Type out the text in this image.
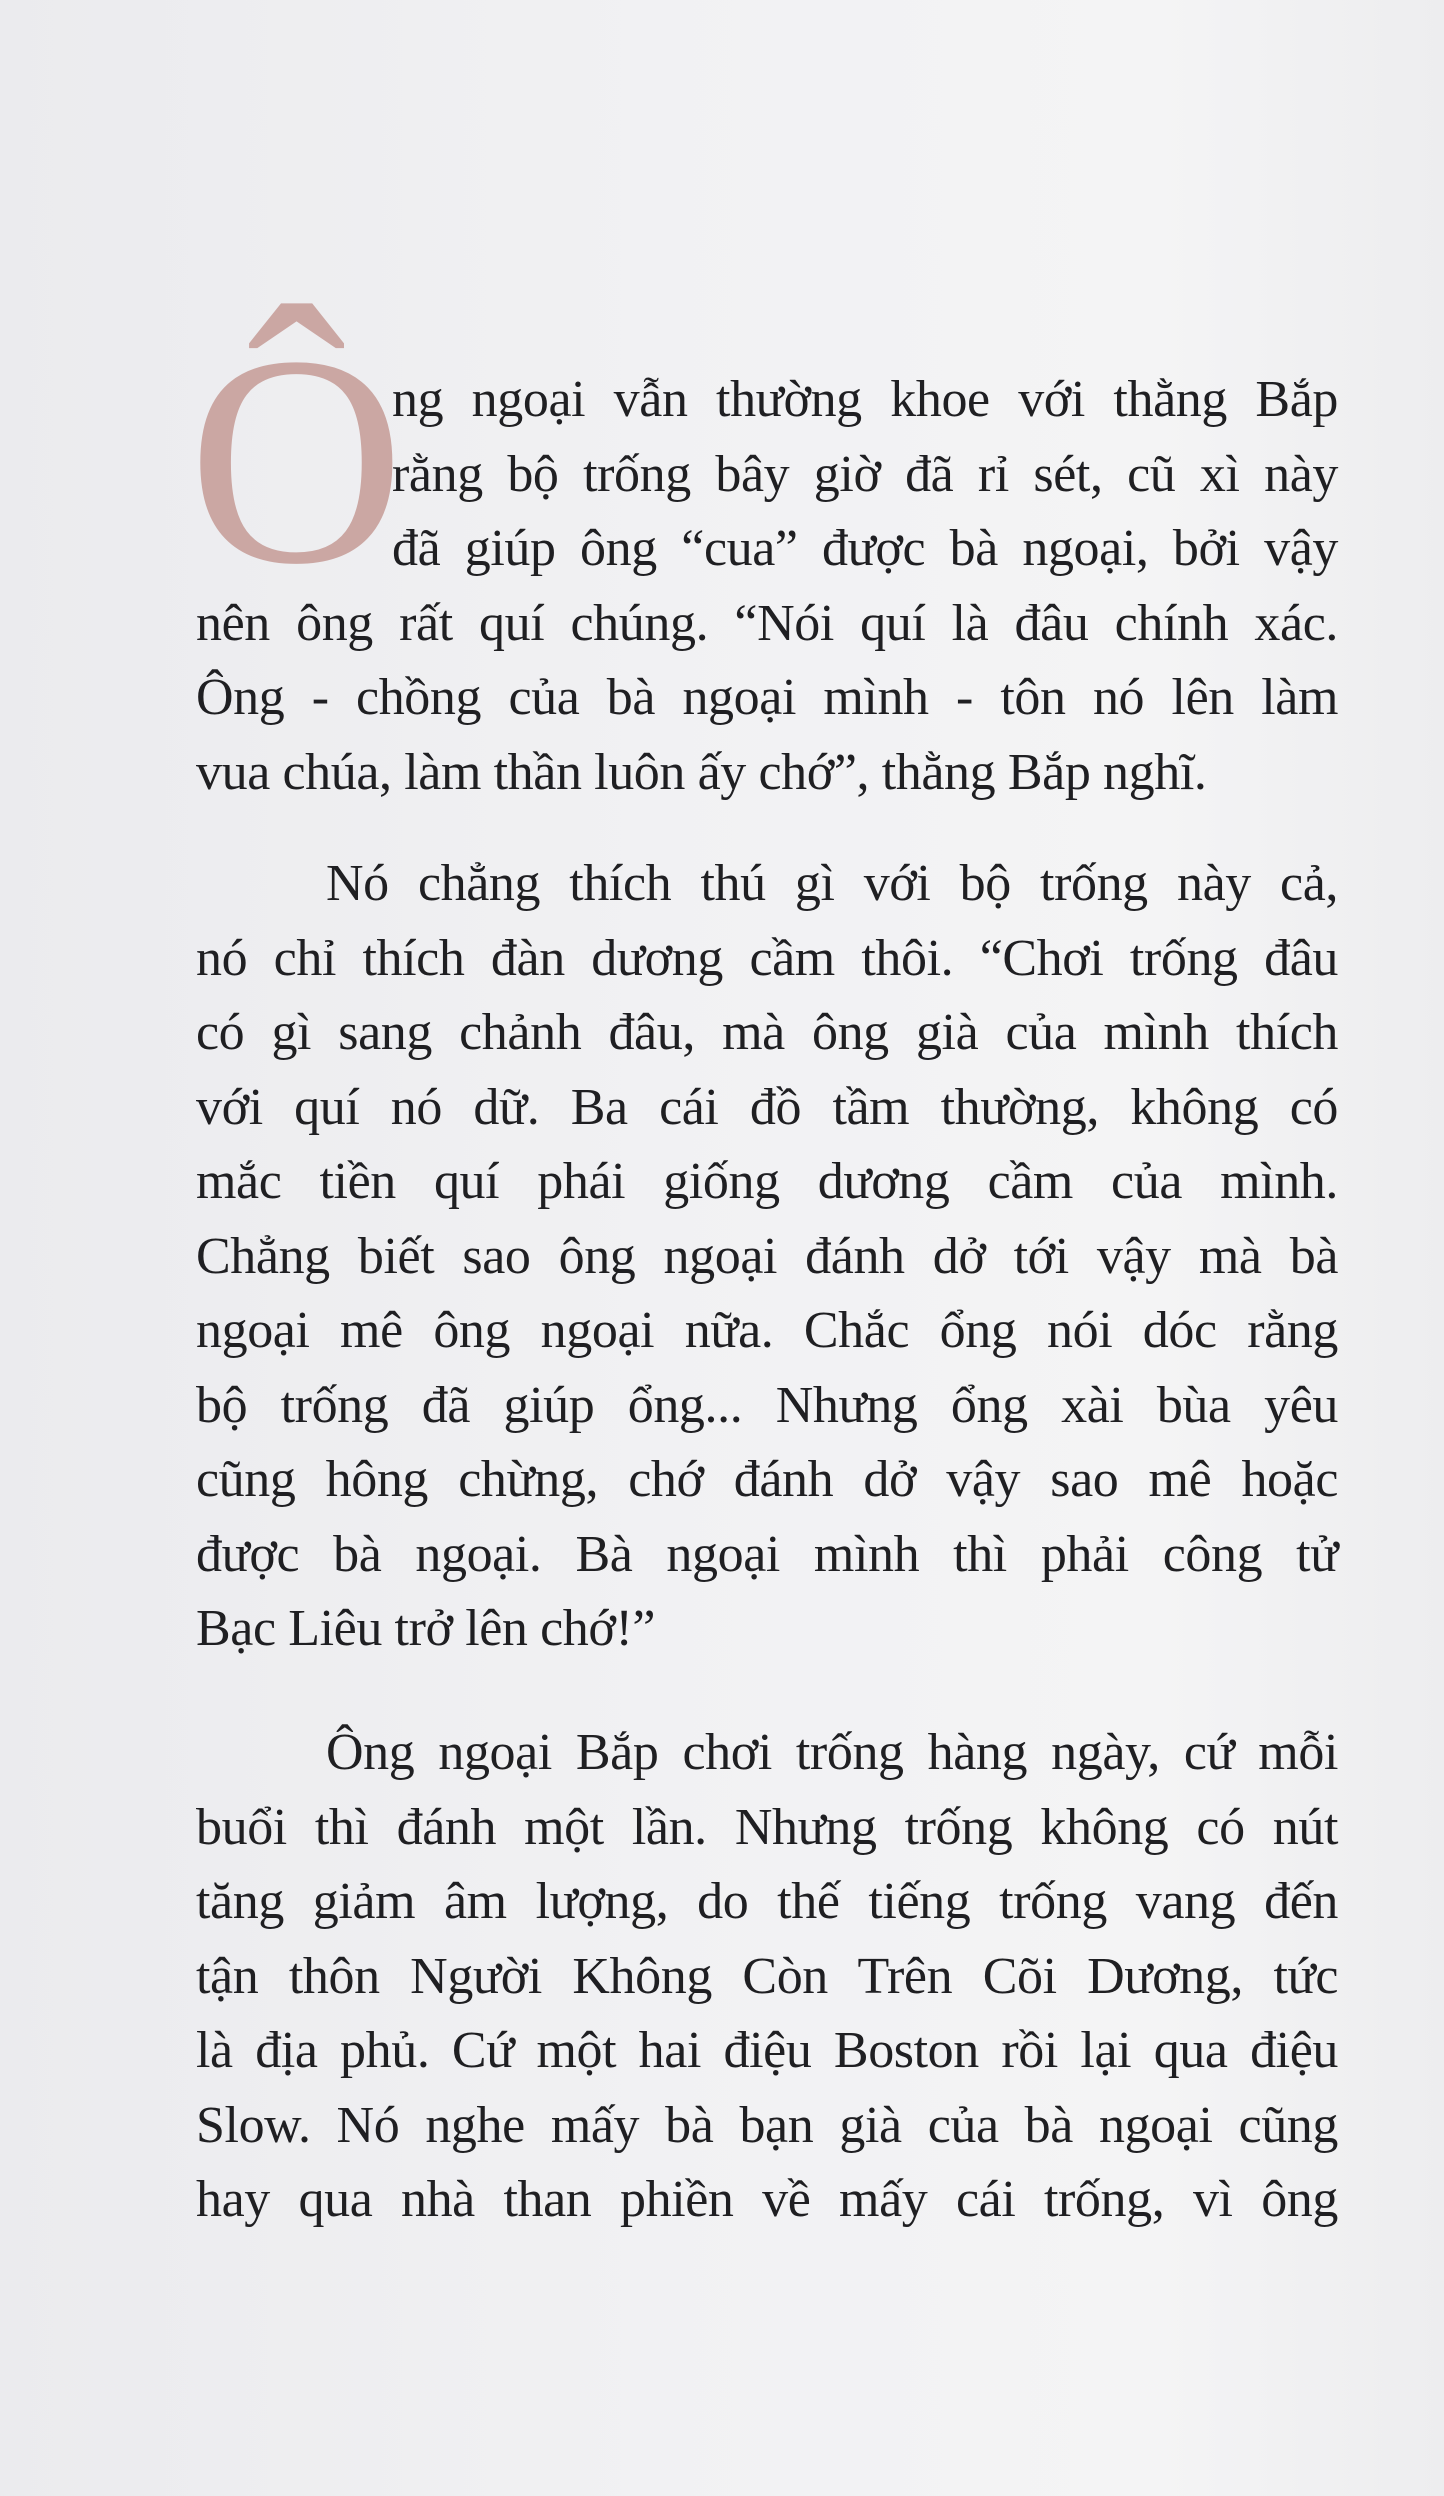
Ô
ng ngoại vẫn thường khoe với thằng Bắp
rằng bộ trống bây giờ đã rỉ sét, cũ xì này
đã giúp ông “cua” được bà ngoại, bởi vậy
nên ông rất quí chúng. “Nói quí là đâu chính xác.
Ông - chồng của bà ngoại mình - tôn nó lên làm
vua chúa, làm thần luôn ấy chớ”, thằng Bắp nghĩ.
Nó chẳng thích thú gì với bộ trống này cả,
nó chỉ thích đàn dương cầm thôi. “Chơi trống đâu
có gì sang chảnh đâu, mà ông già của mình thích
với quí nó dữ. Ba cái đồ tầm thường, không có
mắc tiền quí phái giống dương cầm của mình.
Chẳng biết sao ông ngoại đánh dở tới vậy mà bà
ngoại mê ông ngoại nữa. Chắc ổng nói dóc rằng
bộ trống đã giúp ổng... Nhưng ổng xài bùa yêu
cũng hông chừng, chớ đánh dở vậy sao mê hoặc
được bà ngoại. Bà ngoại mình thì phải công tử
Bạc Liêu trở lên chớ!”
Ông ngoại Bắp chơi trống hàng ngày, cứ mỗi
buổi thì đánh một lần. Nhưng trống không có nút
tăng giảm âm lượng, do thế tiếng trống vang đến
tận thôn Người Không Còn Trên Cõi Dương, tức
là địa phủ. Cứ một hai điệu Boston rồi lại qua điệu
Slow. Nó nghe mấy bà bạn già của bà ngoại cũng
hay qua nhà than phiền về mấy cái trống, vì ông
